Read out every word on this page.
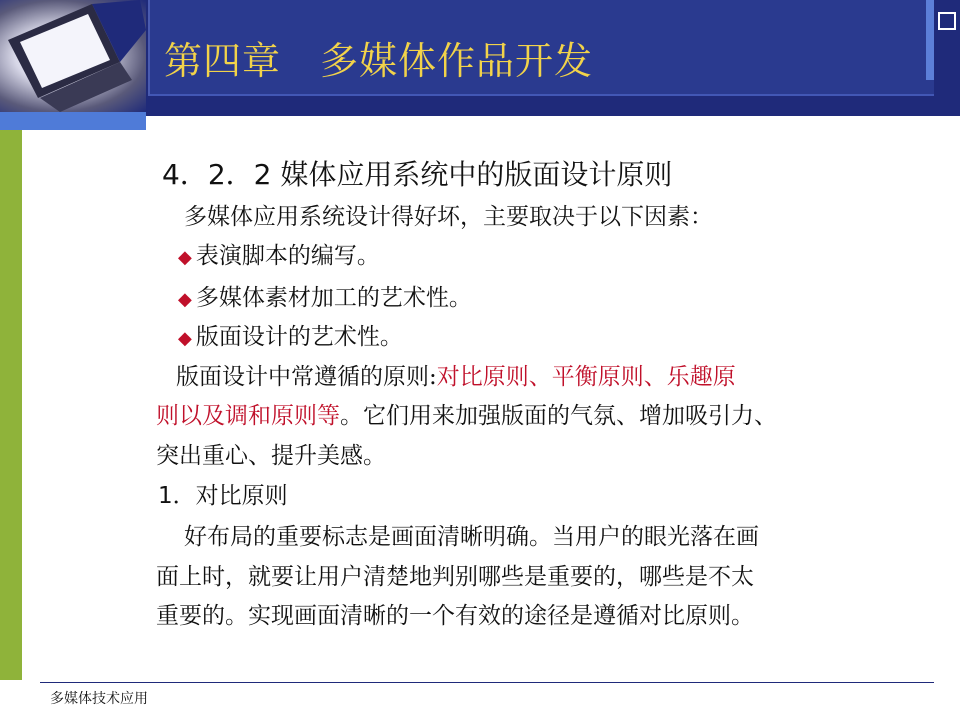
第四章　多媒体作品开发

4．2．2 媒体应用系统中的版面设计原则

多媒体应用系统设计得好坏，主要取决于以下因素：

◆ 表演脚本的编写。

◆ 多媒体素材加工的艺术性。

◆ 版面设计的艺术性。

版面设计中常遵循的原则:对比原则、平衡原则、乐趣原

则以及调和原则等。它们用来加强版面的气氛、增加吸引力、

突出重心、提升美感。

1．对比原则

好布局的重要标志是画面清晰明确。当用户的眼光落在画

面上时，就要让用户清楚地判别哪些是重要的，哪些是不太

重要的。实现画面清晰的一个有效的途径是遵循对比原则。

多媒体技术应用
